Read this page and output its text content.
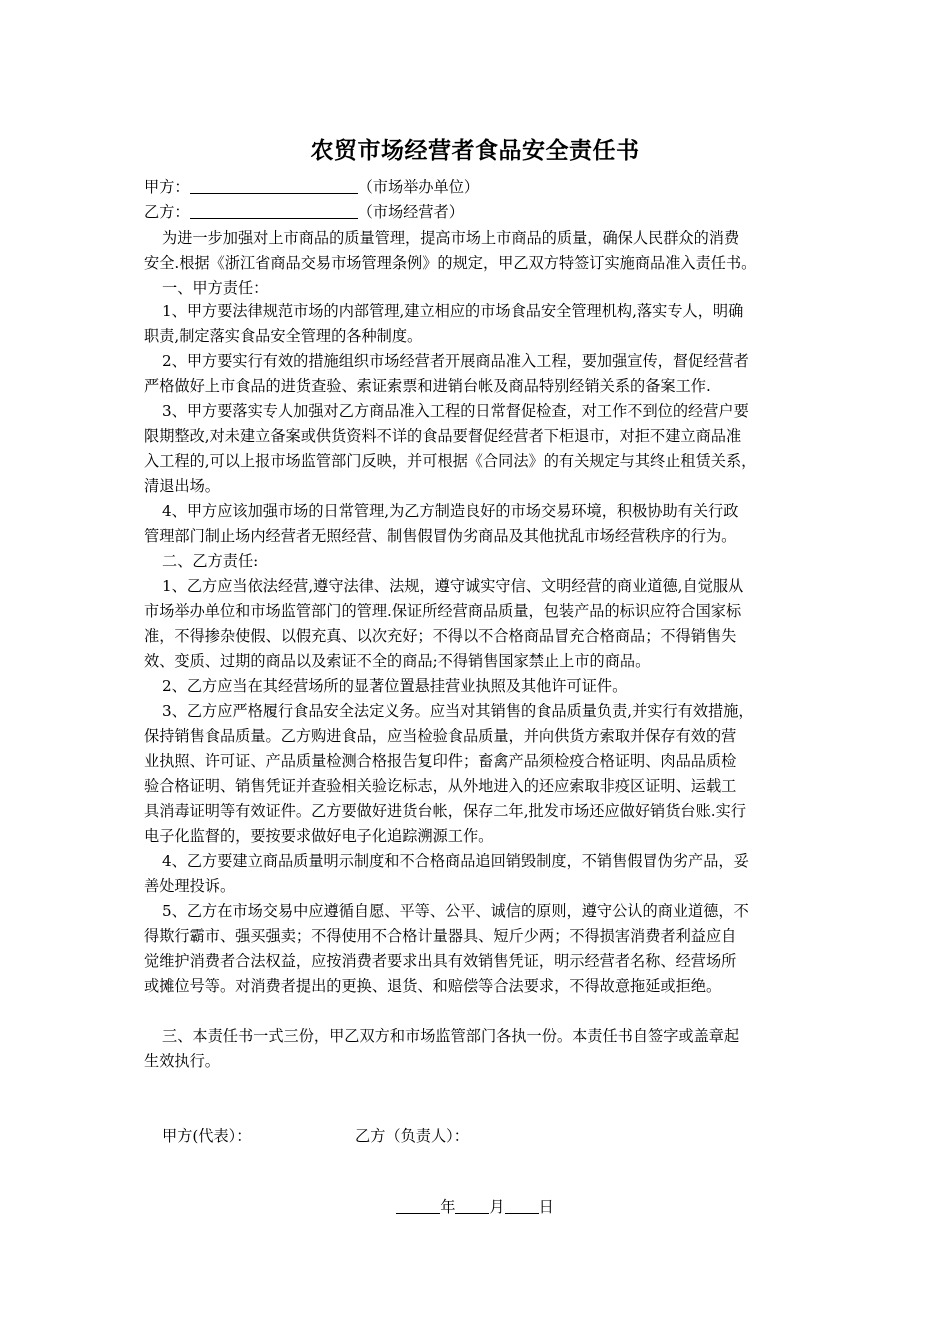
农贸市场经营者食品安全责任书
甲方：	（市场举办单位）
乙方：	（市场经营者）
为进一步加强对上市商品的质量管理，提高市场上市商品的质量，确保人民群众的消费
安全.根据《浙江省商品交易市场管理条例》的规定，甲乙双方特签订实施商品准入责任书。
一、甲方责任：
1、甲方要法律规范市场的内部管理,建立相应的市场食品安全管理机构,落实专人，明确
职责,制定落实食品安全管理的各种制度。
2、甲方要实行有效的措施组织市场经营者开展商品准入工程，要加强宣传，督促经营者
严格做好上市食品的进货查验、索证索票和进销台帐及商品特别经销关系的备案工作.
3、甲方要落实专人加强对乙方商品准入工程的日常督促检查，对工作不到位的经营户要
限期整改,对未建立备案或供货资料不详的食品要督促经营者下柜退市，对拒不建立商品准
入工程的,可以上报市场监管部门反映，并可根据《合同法》的有关规定与其终止租赁关系，
清退出场。
4、甲方应该加强市场的日常管理,为乙方制造良好的市场交易环境，积极协助有关行政
管理部门制止场内经营者无照经营、制售假冒伪劣商品及其他扰乱市场经营秩序的行为。
二、乙方责任:
1、乙方应当依法经营,遵守法律、法规，遵守诚实守信、文明经营的商业道德,自觉服从
市场举办单位和市场监管部门的管理.保证所经营商品质量，包装产品的标识应符合国家标
准，不得掺杂使假、以假充真、以次充好；不得以不合格商品冒充合格商品；不得销售失
效、变质、过期的商品以及索证不全的商品;不得销售国家禁止上市的商品。
2、乙方应当在其经营场所的显著位置悬挂营业执照及其他许可证件。
3、乙方应严格履行食品安全法定义务。应当对其销售的食品质量负责,并实行有效措施，
保持销售食品质量。乙方购进食品，应当检验食品质量，并向供货方索取并保存有效的营
业执照、许可证、产品质量检测合格报告复印件；畜禽产品须检疫合格证明、肉品品质检
验合格证明、销售凭证并查验相关验讫标志，从外地进入的还应索取非疫区证明、运载工
具消毒证明等有效证件。乙方要做好进货台帐，保存二年,批发市场还应做好销货台账.实行
电子化监督的，要按要求做好电子化追踪溯源工作。
4、乙方要建立商品质量明示制度和不合格商品追回销毁制度，不销售假冒伪劣产品，妥
善处理投诉。
5、乙方在市场交易中应遵循自愿、平等、公平、诚信的原则，遵守公认的商业道德，不
得欺行霸市、强买强卖；不得使用不合格计量器具、短斤少两；不得损害消费者利益应自
觉维护消费者合法权益，应按消费者要求出具有效销售凭证，明示经营者名称、经营场所
或摊位号等。对消费者提出的更换、退货、和赔偿等合法要求，不得故意拖延或拒绝。
三、本责任书一式三份，甲乙双方和市场监管部门各执一份。本责任书自签字或盖章起
生效执行。
甲方(代表）：	乙方（负责人）：
年 月 日
